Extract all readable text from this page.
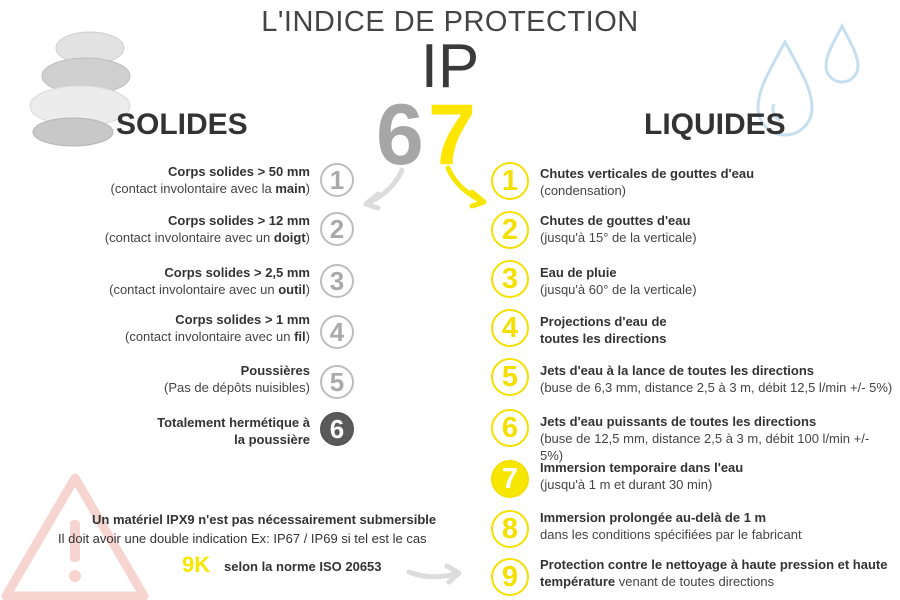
L'INDICE DE PROTECTION
IP
6 7
SOLIDES	LIQUIDES
Corps solides > 50 mm
(contact involontaire avec la main) 1
Corps solides > 12 mm
(contact involontaire avec un doigt) 2
Corps solides > 2,5 mm
(contact involontaire avec un outil) 3
Corps solides > 1 mm
(contact involontaire avec un fil) 4
Poussières
(Pas de dépôts nuisibles) 5
Totalement hermétique à
la poussière 6
1	Chutes verticales de gouttes d'eau
(condensation)
2	Chutes de gouttes d'eau
(jusqu'à 15° de la verticale)
3	Eau de pluie
(jusqu'à 60° de la verticale)
4	Projections d'eau de
toutes les directions
5	Jets d'eau à la lance de toutes les directions
(buse de 6,3 mm, distance 2,5 à 3 m, débit 12,5 l/min +/- 5%)
6	Jets d'eau puissants de toutes les directions
(buse de 12,5 mm, distance 2,5 à 3 m, débit 100 l/min +/- 5%)
7	Immersion temporaire dans l'eau
(jusqu'à 1 m et durant 30 min)
8	Immersion prolongée au-delà de 1 m
dans les conditions spécifiées par le fabricant
9	Protection contre le nettoyage à haute pression et haute
température venant de toutes directions
Un matériel IPX9 n'est pas nécessairement submersible
Il doit avoir une double indication Ex: IP67 / IP69 si tel est le cas
9K selon la norme ISO 20653
